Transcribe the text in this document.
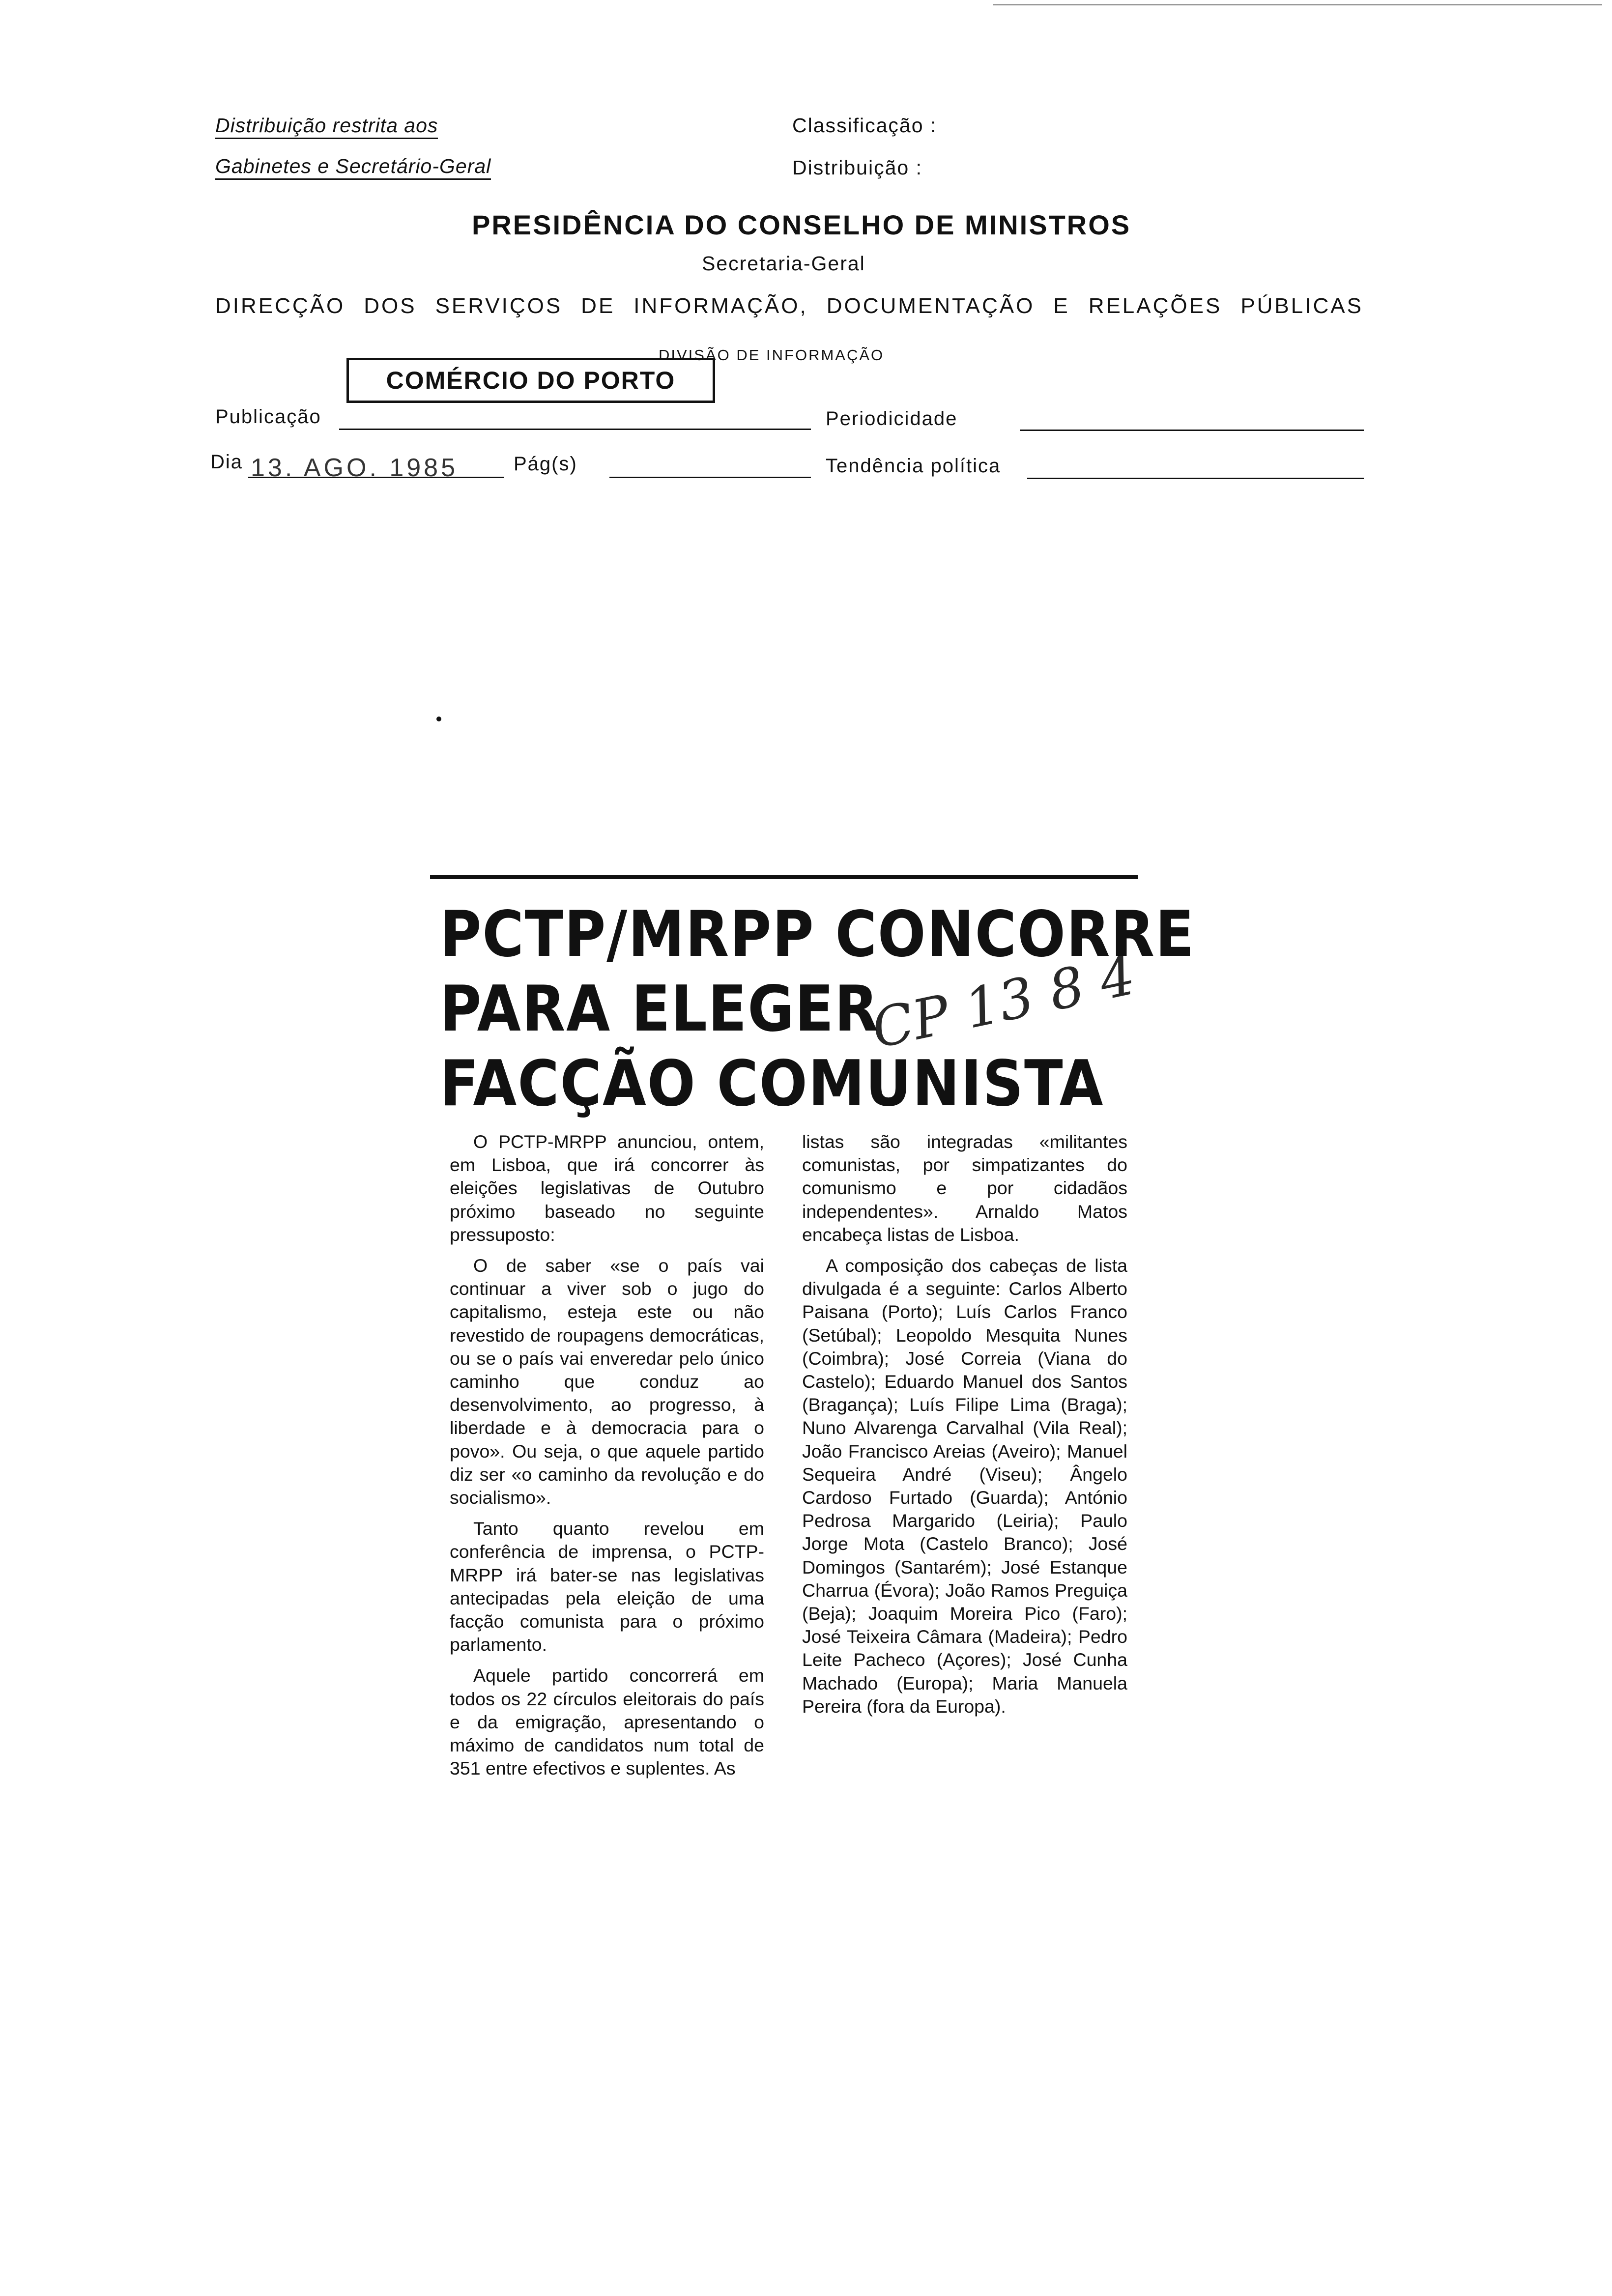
Distribuição restrita aos
Gabinetes e Secretário-Geral
Classificação :
Distribuição :
PRESIDÊNCIA DO CONSELHO DE MINISTROS
Secretaria-Geral
DIRECÇÃO DOS SERVIÇOS DE INFORMAÇÃO, DOCUMENTAÇÃO E RELAÇÕES PÚBLICAS
DIVISÃO DE INFORMAÇÃO
COMÉRCIO DO PORTO
Publicação	Periodicidade
Dia 13. AGO. 1985	Pág(s)	Tendência política
PCTP/MRPP CONCORRE
PARA ELEGER
FACÇÃO COMUNISTA
CP 13 8 4

O PCTP-MRPP anunciou, ontem, em Lisboa, que irá concorrer às eleições legislativas de Outubro próximo baseado no seguinte pressuposto:

O de saber «se o país vai continuar a viver sob o jugo do capitalismo, esteja este ou não revestido de roupagens democráticas, ou se o país vai enveredar pelo único caminho que conduz ao desenvolvimento, ao progresso, à liberdade e à democracia para o povo». Ou seja, o que aquele partido diz ser «o caminho da revolução e do socialismo».

Tanto quanto revelou em conferência de imprensa, o PCTP-MRPP irá bater-se nas legislativas antecipadas pela eleição de uma facção comunista para o próximo parlamento.

Aquele partido concorrerá em todos os 22 círculos eleitorais do país e da emigração, apresentando o máximo de candidatos num total de 351 entre efectivos e suplentes. As

listas são integradas «militantes comunistas, por simpatizantes do comunismo e por cidadãos independentes». Arnaldo Matos encabeça listas de Lisboa.

A composição dos cabeças de lista divulgada é a seguinte: Carlos Alberto Paisana (Porto); Luís Carlos Franco (Setúbal); Leopoldo Mesquita Nunes (Coimbra); José Correia (Viana do Castelo); Eduardo Manuel dos Santos (Bragança); Luís Filipe Lima (Braga); Nuno Alvarenga Carvalhal (Vila Real); João Francisco Areias (Aveiro); Manuel Sequeira André (Viseu); Ângelo Cardoso Furtado (Guarda); António Pedrosa Margarido (Leiria); Paulo Jorge Mota (Castelo Branco); José Domingos (Santarém); José Estanque Charrua (Évora); João Ramos Preguiça (Beja); Joaquim Moreira Pico (Faro); José Teixeira Câmara (Madeira); Pedro Leite Pacheco (Açores); José Cunha Machado (Europa); Maria Manuela Pereira (fora da Europa).
